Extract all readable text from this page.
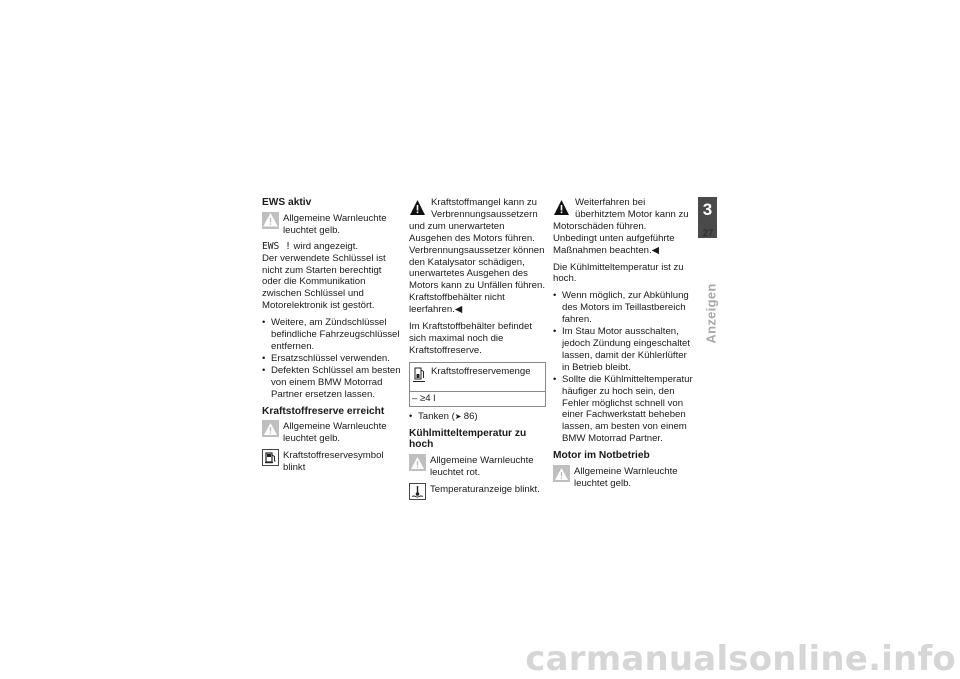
EWS aktiv
Allgemeine Warnleuchte leuchtet gelb.
EWS ! wird angezeigt.
Der verwendete Schlüssel ist nicht zum Starten berechtigt oder die Kommunikation zwischen Schlüssel und Motorelektronik ist gestört.
• Weitere, am Zündschlüssel befindliche Fahrzeugschlüssel entfernen.
• Ersatzschlüssel verwenden.
• Defekten Schlüssel am besten von einem BMW Motorrad Partner ersetzen lassen.
Kraftstoffreserve erreicht
Allgemeine Warnleuchte leuchtet gelb.
Kraftstoffreservesymbol blinkt
Kraftstoffmangel kann zu Verbrennungsaussetzern und zum unerwarteten Ausgehen des Motors führen. Verbrennungsaussetzer können den Katalysator schädigen, unerwartetes Ausgehen des Motors kann zu Unfällen führen.
Kraftstoffbehälter nicht leerfahren.◀
Im Kraftstoffbehälter befindet sich maximal noch die Kraftstoffreserve.
Kraftstoffreservemenge
– ≥4 l
• Tanken (➤ 86)
Kühlmitteltemperatur zu hoch
Allgemeine Warnleuchte leuchtet rot.
Temperaturanzeige blinkt.
Weiterfahren bei überhitztem Motor kann zu Motorschäden führen.
Unbedingt unten aufgeführte Maßnahmen beachten.◀
Die Kühlmitteltemperatur ist zu hoch.
• Wenn möglich, zur Abkühlung des Motors im Teillastbereich fahren.
• Im Stau Motor ausschalten, jedoch Zündung eingeschaltet lassen, damit der Kühlerlüfter in Betrieb bleibt.
• Sollte die Kühlmitteltemperatur häufiger zu hoch sein, den Fehler möglichst schnell von einer Fachwerkstatt beheben lassen, am besten von einem BMW Motorrad Partner.
Motor im Notbetrieb
Allgemeine Warnleuchte leuchtet gelb.
3
27
Anzeigen
carmanualsonline.info
